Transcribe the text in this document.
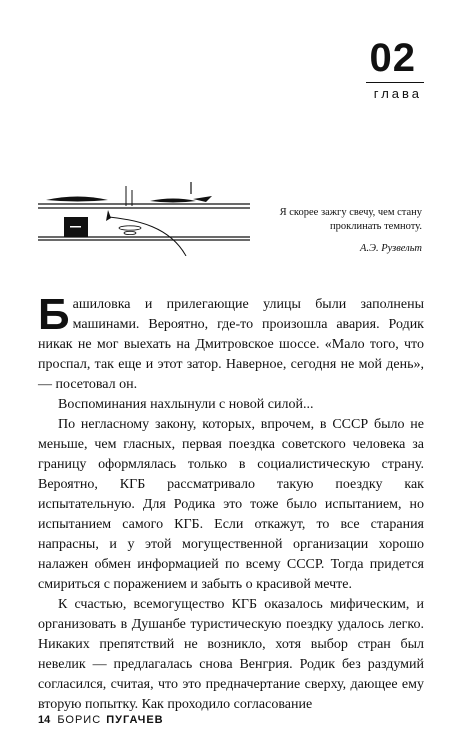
02
глава
Я скорее зажгу свечу, чем стану проклинать темноту.
А.Э. Рузвельт

Башиловка и прилегающие улицы были заполнены машинами. Вероятно, где-то произошла авария. Родик никак не мог выехать на Дмитровское шоссе. «Мало того, что проспал, так еще и этот затор. Наверное, сегодня не мой день», — посетовал он.

Воспоминания нахлынули с новой силой...

По негласному закону, которых, впрочем, в СССР было не меньше, чем гласных, первая поездка советского человека за границу оформлялась только в социалистическую страну. Вероятно, КГБ рассматривало такую поездку как испытательную. Для Родика это тоже было испытанием, но испытанием самого КГБ. Если откажут, то все старания напрасны, и у этой могущественной организации хорошо налажен обмен информацией по всему СССР. Тогда придется смириться с поражением и забыть о красивой мечте.

К счастью, всемогущество КГБ оказалось мифическим, и организовать в Душанбе туристическую поездку удалось легко. Никаких препятствий не возникло, хотя выбор стран был невелик — предлагалась снова Венгрия. Родик без раздумий согласился, считая, что это предначертание сверху, дающее ему вторую попытку. Как проходило согласование

14 БОРИС ПУГАЧЕВ
